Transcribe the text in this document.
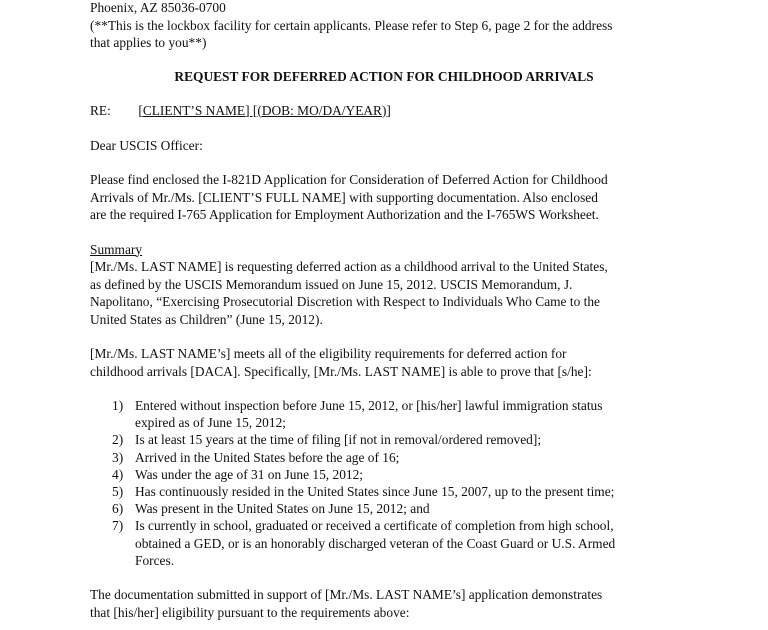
Phoenix, AZ 85036-0700
(**This is the lockbox facility for certain applicants. Please refer to Step 6, page 2 for the address
that applies to you**)
REQUEST FOR DEFERRED ACTION FOR CHILDHOOD ARRIVALS
RE: [CLIENT’S NAME] [(DOB: MO/DA/YEAR)]
Dear USCIS Officer:
Please find enclosed the I-821D Application for Consideration of Deferred Action for Childhood
Arrivals of Mr./Ms. [CLIENT’S FULL NAME] with supporting documentation. Also enclosed
are the required I-765 Application for Employment Authorization and the I-765WS Worksheet.
Summary
[Mr./Ms. LAST NAME] is requesting deferred action as a childhood arrival to the United States,
as defined by the USCIS Memorandum issued on June 15, 2012. USCIS Memorandum, J.
Napolitano, “Exercising Prosecutorial Discretion with Respect to Individuals Who Came to the
United States as Children” (June 15, 2012).
[Mr./Ms. LAST NAME’s] meets all of the eligibility requirements for deferred action for
childhood arrivals [DACA]. Specifically, [Mr./Ms. LAST NAME] is able to prove that [s/he]:
1) Entered without inspection before June 15, 2012, or [his/her] lawful immigration status
expired as of June 15, 2012;
2) Is at least 15 years at the time of filing [if not in removal/ordered removed];
3) Arrived in the United States before the age of 16;
4) Was under the age of 31 on June 15, 2012;
5) Has continuously resided in the United States since June 15, 2007, up to the present time;
6) Was present in the United States on June 15, 2012; and
7) Is currently in school, graduated or received a certificate of completion from high school,
obtained a GED, or is an honorably discharged veteran of the Coast Guard or U.S. Armed
Forces.
The documentation submitted in support of [Mr./Ms. LAST NAME’s] application demonstrates
that [his/her] eligibility pursuant to the requirements above:
